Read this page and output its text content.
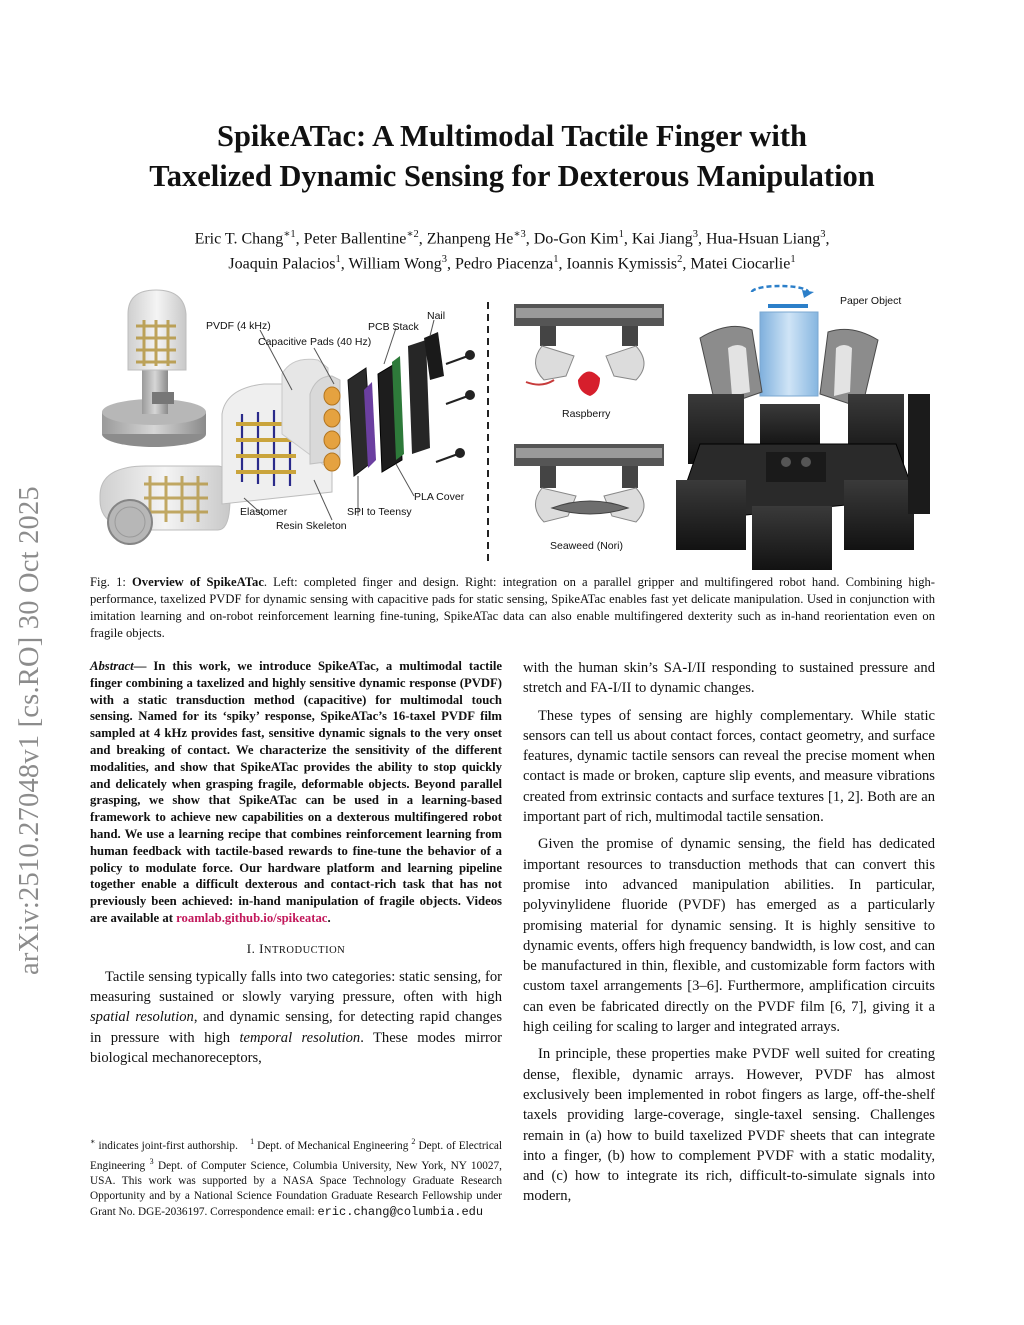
arXiv:2510.27048v1 [cs.RO] 30 Oct 2025
SpikeATac: A Multimodal Tactile Finger with
Taxelized Dynamic Sensing for Dexterous Manipulation
Eric T. Chang$^{∗1}$, Peter Ballentine$^{∗2}$, Zhanpeng $He^{∗3}$, Do-Gon Kim$^1$, Kai Jiang$^3$, Hua-Hsuan Liang$^3$,
Joaquin Palacios$^1$, William Wong$^3$, Pedro Piacenza$^1$, Ioannis Kymissis$^2$, Matei Ciocarlie$^1$
PVDF (4 kHz)	PCB Stack
Nail
Capacitive Pads (40 Hz)
PLA Cover
Elastomer	SPI to Teensy
Resin Skeleton
Raspberry
Seaweed (Nori)
Paper Object
Fig. 1: Overview of SpikeATac. Left: completed finger and design. Right: integration on a parallel gripper and multifingered robot hand. Combining high-performance, taxelized PVDF for dynamic sensing with capacitive pads for static sensing, SpikeATac enables fast yet delicate manipulation. Used in conjunction with imitation learning and on-robot reinforcement learning fine-tuning, SpikeATac data can also enable multifingered dexterity such as in-hand reorientation even on fragile objects.
Abstract— In this work, we introduce SpikeATac, a multimodal tactile finger combining a taxelized and highly sensitive dynamic response (PVDF) with a static transduction method (capacitive) for multimodal touch sensing. Named for its ‘spiky’ response, SpikeATac’s 16-taxel PVDF film sampled at 4 kHz provides fast, sensitive dynamic signals to the very onset and breaking of contact. We characterize the sensitivity of the different modalities, and show that SpikeATac provides the ability to stop quickly and delicately when grasping fragile, deformable objects. Beyond parallel grasping, we show that SpikeATac can be used in a learning-based framework to achieve new capabilities on a dexterous multifingered robot hand. We use a learning recipe that combines reinforcement learning from human feedback with tactile-based rewards to fine-tune the behavior of a policy to modulate force. Our hardware platform and learning pipeline together enable a difficult dexterous and contact-rich task that has not previously been achieved: in-hand manipulation of fragile objects. Videos are available at roamlab.github.io/spikeatac.
I. INTRODUCTION

Tactile sensing typically falls into two categories: static sensing, for measuring sustained or slowly varying pressure, often with high spatial resolution, and dynamic sensing, for detecting rapid changes in pressure with high temporal resolution. These modes mirror biological mechanoreceptors,

with the human skin’s SA-I/II responding to sustained pressure and stretch and FA-I/II to dynamic changes.

These types of sensing are highly complementary. While static sensors can tell us about contact forces, contact geometry, and surface features, dynamic tactile sensors can reveal the precise moment when contact is made or broken, capture slip events, and measure vibrations created from extrinsic contacts and surface textures [1, 2]. Both are an important part of rich, multimodal tactile sensation.

Given the promise of dynamic sensing, the field has dedicated important resources to transduction methods that can convert this promise into advanced manipulation abilities. In particular, polyvinylidene fluoride (PVDF) has emerged as a particularly promising material for dynamic sensing. It is highly sensitive to dynamic events, offers high frequency bandwidth, is low cost, and can be manufactured in thin, flexible, and customizable form factors with custom taxel arrangements [3–6]. Furthermore, amplification circuits can even be fabricated directly on the PVDF film [6, 7], giving it a high ceiling for scaling to larger and integrated arrays.

In principle, these properties make PVDF well suited for creating dense, flexible, dynamic arrays. However, PVDF has almost exclusively been implemented in robot fingers as large, off-the-shelf taxels providing large-coverage, single-taxel sensing. Challenges remain in (a) how to build taxelized PVDF sheets that can integrate into a finger, (b) how to complement PVDF with a static modality, and (c) how to integrate its rich, difficult-to-simulate signals into modern,

∗ indicates joint-first authorship. $^1$ Dept. of Mechanical Engineering $^2$ Dept. of Electrical Engineering $^3$ Dept. of Computer Science, Columbia University, New York, NY 10027, USA. This work was supported by a NASA Space Technology Graduate Research Opportunity and by a National Science Foundation Graduate Research Fellowship under Grant No. DGE-2036197. Correspondence email: eric.chang@columbia.edu
